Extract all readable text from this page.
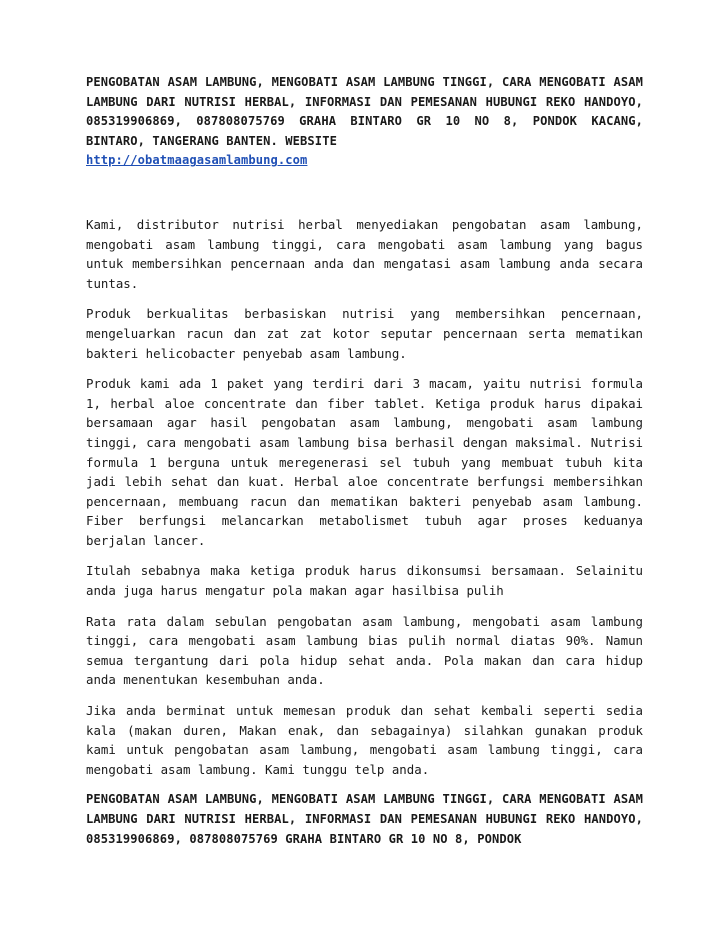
PENGOBATAN ASAM LAMBUNG, MENGOBATI ASAM LAMBUNG TINGGI, CARA MENGOBATI ASAM LAMBUNG DARI NUTRISI HERBAL, INFORMASI DAN PEMESANAN HUBUNGI REKO HANDOYO, 085319906869, 087808075769 GRAHA BINTARO GR 10 NO 8, PONDOK KACANG, BINTARO, TANGERANG BANTEN. WEBSITE
http://obatmaagasamlambung.com

Kami, distributor nutrisi herbal menyediakan pengobatan asam lambung, mengobati asam lambung tinggi, cara mengobati asam lambung yang bagus untuk membersihkan pencernaan anda dan mengatasi asam lambung anda secara tuntas.

Produk berkualitas berbasiskan nutrisi yang membersihkan pencernaan, mengeluarkan racun dan zat zat kotor seputar pencernaan serta mematikan bakteri helicobacter penyebab asam lambung.

Produk kami ada 1 paket yang terdiri dari 3 macam, yaitu nutrisi formula 1, herbal aloe concentrate dan fiber tablet. Ketiga produk harus dipakai bersamaan agar hasil pengobatan asam lambung, mengobati asam lambung tinggi, cara mengobati asam lambung bisa berhasil dengan maksimal. Nutrisi formula 1 berguna untuk meregenerasi sel tubuh yang membuat tubuh kita jadi lebih sehat dan kuat. Herbal aloe concentrate berfungsi membersihkan pencernaan, membuang racun dan mematikan bakteri penyebab asam lambung. Fiber berfungsi melancarkan metabolismet tubuh agar proses keduanya berjalan lancer.

Itulah sebabnya maka ketiga produk harus dikonsumsi bersamaan. Selainitu anda juga harus mengatur pola makan agar hasilbisa pulih

Rata rata dalam sebulan pengobatan asam lambung, mengobati asam lambung tinggi, cara mengobati asam lambung bias pulih normal diatas 90%. Namun semua tergantung dari pola hidup sehat anda. Pola makan dan cara hidup anda menentukan kesembuhan anda.

Jika anda berminat untuk memesan produk dan sehat kembali seperti sedia kala (makan duren, Makan enak, dan sebagainya) silahkan gunakan produk kami untuk pengobatan asam lambung, mengobati asam lambung tinggi, cara mengobati asam lambung. Kami tunggu telp anda.

PENGOBATAN ASAM LAMBUNG, MENGOBATI ASAM LAMBUNG TINGGI, CARA MENGOBATI ASAM LAMBUNG DARI NUTRISI HERBAL, INFORMASI DAN PEMESANAN HUBUNGI REKO HANDOYO, 085319906869, 087808075769 GRAHA BINTARO GR 10 NO 8, PONDOK
